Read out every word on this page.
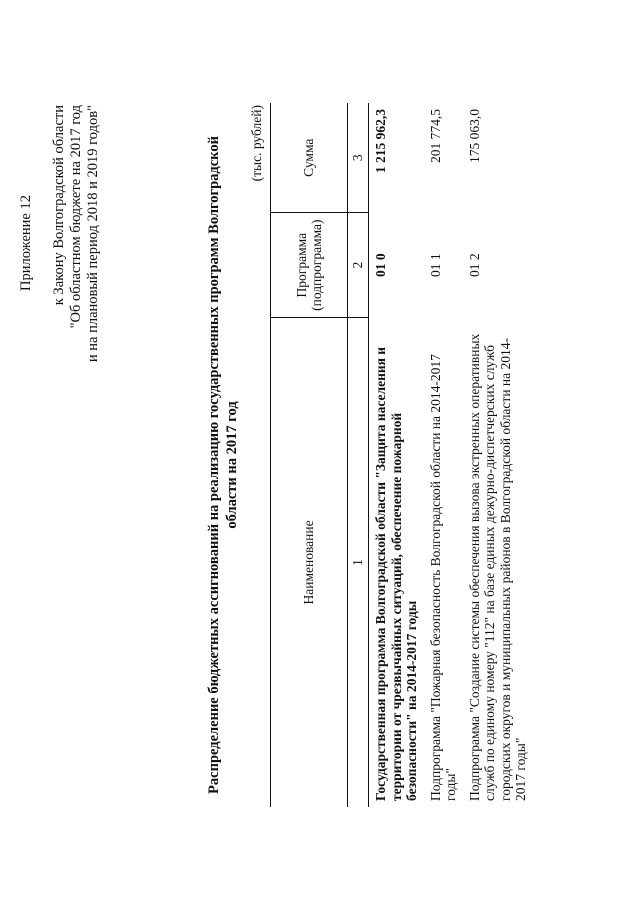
Приложение 12 к Закону Волгоградской области "Об областном бюджете на 2017 год и на плановый период 2018 и 2019 годов"	Распределение бюджетных ассигнований на реализацию государственных программ Волгоградской области на 2017 год
(тыс. рублей)
Наименование	Программа (подпрограмма)	Сумма
1	2	3
Государственная программа Волгоградской области "Защита населения и территории от чрезвычайных ситуаций, обеспечение пожарной безопасности" на 2014-2017 годы	01 0	1 215 962,3
Подпрограмма "Пожарная безопасность Волгоградской области на 2014-2017 годы"	01 1	201 774,5
Подпрограмма "Создание системы обеспечения вызова экстренных оперативных служб по единому номеру "112" на базе единых дежурно-диспетчерских служб городских округов и муниципальных районов в Волгоградской области на 2014-2017 годы"	01 2	175 063,0
